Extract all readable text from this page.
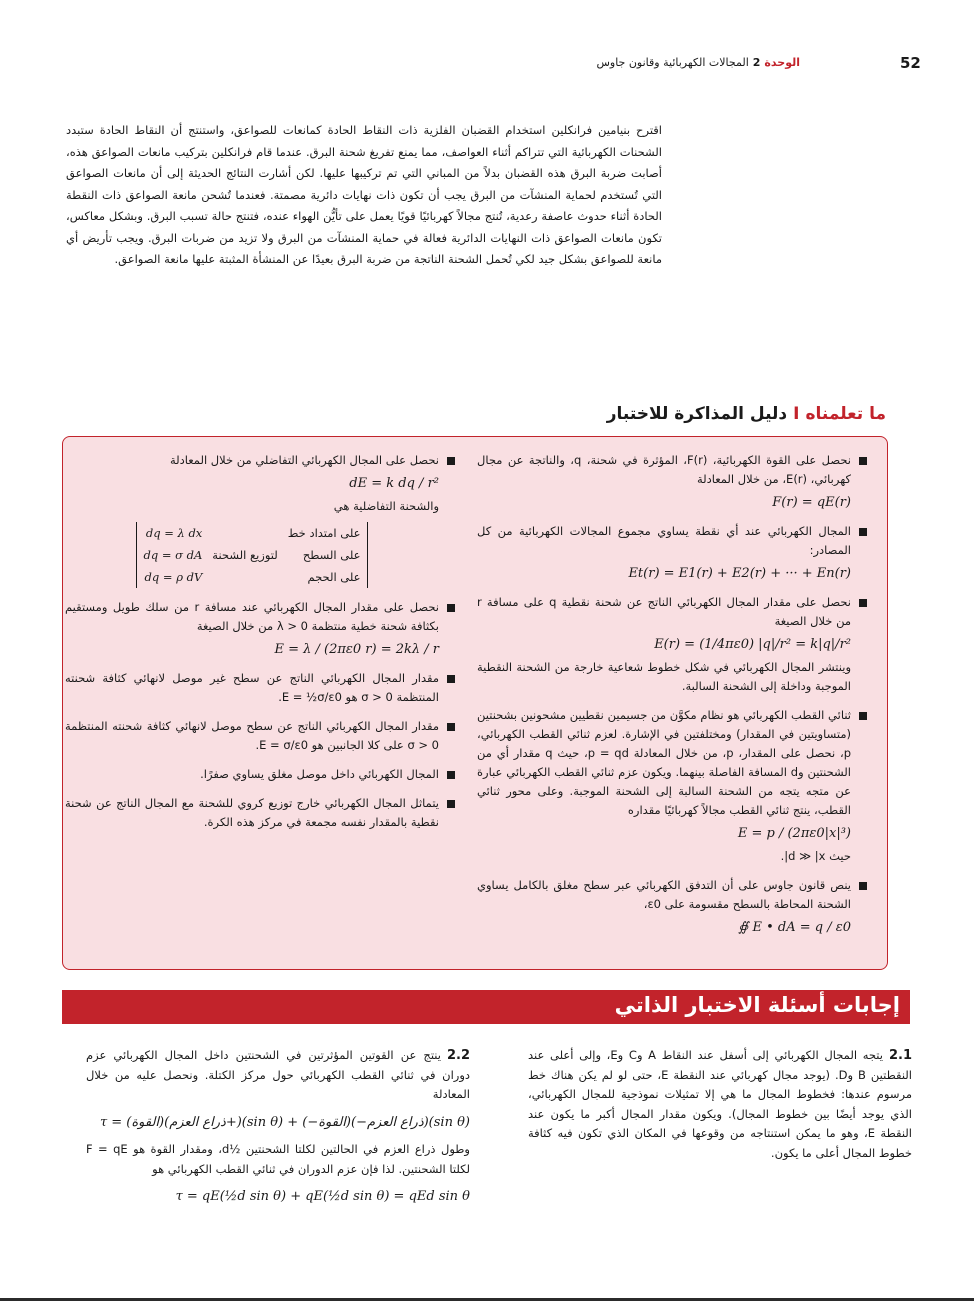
52
الوحدة2المجالات الكهربائية وقانون جاوس

اقترح بنيامين فرانكلين استخدام القضبان الفلزية ذات النقاط الحادة كمانعات للصواعق، واستنتج أن النقاط الحادة ستبدد الشحنات الكهربائية التي تتراكم أثناء العواصف، مما يمنع تفريغ شحنة البرق. عندما قام فرانكلين بتركيب مانعات الصواعق هذه، أصابت ضربة البرق هذه القضبان بدلاً من المباني التي تم تركيبها عليها. لكن أشارت النتائج الحديثة إلى أن مانعات الصواعق التي تُستخدم لحماية المنشآت من البرق يجب أن تكون ذات نهايات دائرية مصمتة. فعندما تُشحن مانعة الصواعق ذات النقطة الحادة أثناء حدوث عاصفة رعدية، تُنتج مجالاً كهربائيًا قويًا يعمل على تأيُّن الهواء عنده، فتنتج حالة تسبب البرق. وبشكل معاكس، تكون مانعات الصواعق ذات النهايات الدائرية فعالة في حماية المنشآت من البرق ولا تزيد من ضربات البرق. ويجب تأريض أي مانعة للصواعق بشكل جيد لكي تُحمل الشحنة الناتجة من ضربة البرق بعيدًا عن المنشأة المثبتة عليها مانعة الصواعق.

ما تعلمناهIدليل المذاكرة للاختبار
نحصل على القوة الكهربائية، F(r)، المؤثرة في شحنة، q، والناتجة عن مجال كهربائي، E(r)، من خلال المعادلة
F(r) = qE(r)
المجال الكهربائي عند أي نقطة يساوي مجموع المجالات الكهربائية من كل المصادر:
Et(r) = E1(r) + E2(r) + ··· + En(r)
نحصل على مقدار المجال الكهربائي الناتج عن شحنة نقطية q على مسافة r من خلال الصيغة
E(r) = (1/4πε0) |q|/r² = k|q|/r²
وينتشر المجال الكهربائي في شكل خطوط شعاعية خارجة من الشحنة النقطية الموجبة وداخلة إلى الشحنة السالبة.
ثنائي القطب الكهربائي هو نظام مكوَّن من جسيمين نقطيين مشحونين بشحنتين (متساويتين في المقدار) ومختلفتين في الإشارة. لعزم ثنائي القطب الكهربائي، p، نحصل على المقدار، p، من خلال المعادلة p = qd، حيث q مقدار أي من الشحنتين وd المسافة الفاصلة بينهما. ويكون عزم ثنائي القطب الكهربائي عبارة عن متجه يتجه من الشحنة السالبة إلى الشحنة الموجبة. وعلى محور ثنائي القطب، ينتج ثنائي القطب مجالاً كهربائيًا مقداره
E = p / (2πε0|x|³)
حيث d ≫ |x|.
ينص قانون جاوس على أن التدفق الكهربائي عبر سطح مغلق بالكامل يساوي الشحنة المحاطة بالسطح مقسومة على ε0،
∯ E • dA = q / ε0
نحصل على المجال الكهربائي التفاضلي من خلال المعادلة
dE = k dq / r²
والشحنة التفاضلية هي
على امتداد خط
على السطح
على الحجم
لتوزيع الشحنة
dq = λ dx
dq = σ dA
dq = ρ dV
نحصل على مقدار المجال الكهربائي عند مسافة r من سلك طويل ومستقيم بكثافة شحنة خطية منتظمة λ > 0 من خلال الصيغة
E = λ / (2πε0 r) = 2kλ / r
مقدار المجال الكهربائي الناتج عن سطح غير موصل لانهائي كثافة شحنته المنتظمة σ > 0 هو E = ½σ/ε0.
مقدار المجال الكهربائي الناتج عن سطح موصل لانهائي كثافة شحنته المنتظمة σ > 0 على كلا الجانبين هو E = σ/ε0.
المجال الكهربائي داخل موصل مغلق يساوي صفرًا.
يتماثل المجال الكهربائي خارج توزيع كروي للشحنة مع المجال الناتج عن شحنة نقطية بالمقدار نفسه مجمعة في مركز هذه الكرة.
إجابات أسئلة الاختبار الذاتي
2.1يتجه المجال الكهربائي إلى أسفل عند النقاط A وC وE، وإلى أعلى عند النقطتين B وD. (يوجد مجال كهربائي عند النقطة E، حتى لو لم يكن هناك خط مرسوم عندها: فخطوط المجال ما هي إلا تمثيلات نموذجية للمجال الكهربائي، الذي يوجد أيضًا بين خطوط المجال). ويكون مقدار المجال أكبر ما يكون عند النقطة E، وهو ما يمكن استنتاجه من وقوعها في المكان الذي تكون فيه كثافة خطوط المجال أعلى ما يكون.
2.2ينتج عن القوتين المؤثرتين في الشحنتين داخل المجال الكهربائي عزم دوران في ثنائي القطب الكهربائي حول مركز الكتلة. ونحصل عليه من خلال المعادلة
τ = (القوة)(ذراع العزم+)(sin θ) + (−القوة)(−ذراع العزم)(sin θ)
وطول ذراع العزم في الحالتين لكلتا الشحنتين ½d، ومقدار القوة هو F = qE لكلتا الشحنتين. لذا فإن عزم الدوران في ثنائي القطب الكهربائي هو
τ = qE(½d sin θ) + qE(½d sin θ) = qEd sin θ
